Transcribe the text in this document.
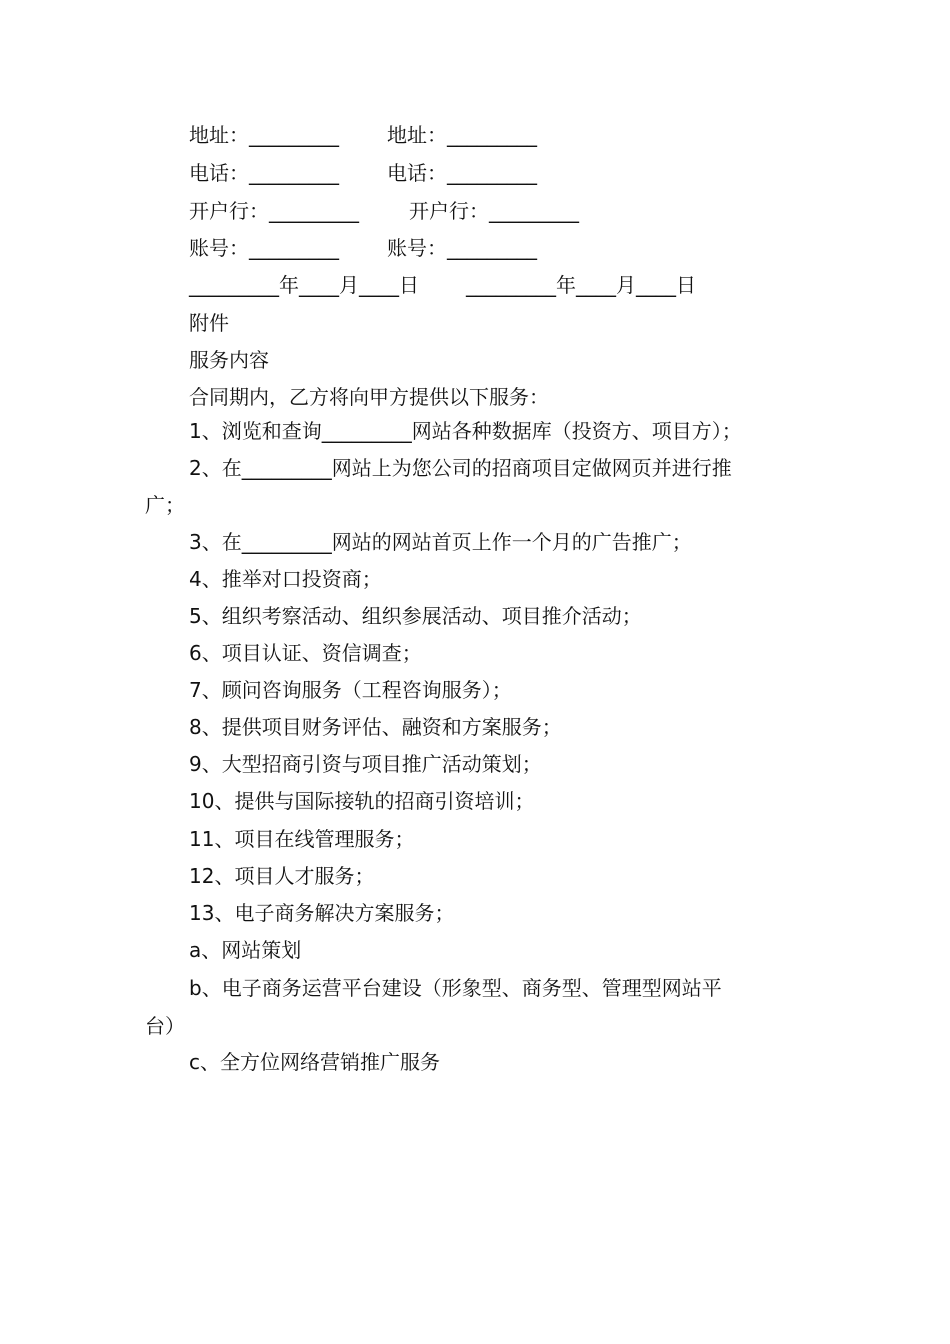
地址：_________ 地址：_________
电话：_________ 电话：_________
开户行：_________	开户行：_________
账号：_________ 账号：_________
_________年____月____日 _________年____月____日
附件
服务内容
合同期内，乙方将向甲方提供以下服务：
1、浏览和查询_________网站各种数据库（投资方、项目方）；
2、在_________网站上为您公司的招商项目定做网页并进行推
广；
3、在_________网站的网站首页上作一个月的广告推广；
4、推举对口投资商；
5、组织考察活动、组织参展活动、项目推介活动；
6、项目认证、资信调查；
7、顾问咨询服务（工程咨询服务）；
8、提供项目财务评估、融资和方案服务；
9、大型招商引资与项目推广活动策划；
10、提供与国际接轨的招商引资培训；
11、项目在线管理服务；
12、项目人才服务；
13、电子商务解决方案服务；
a、网站策划
b、电子商务运营平台建设（形象型、商务型、管理型网站平
台）
c、全方位网络营销推广服务
